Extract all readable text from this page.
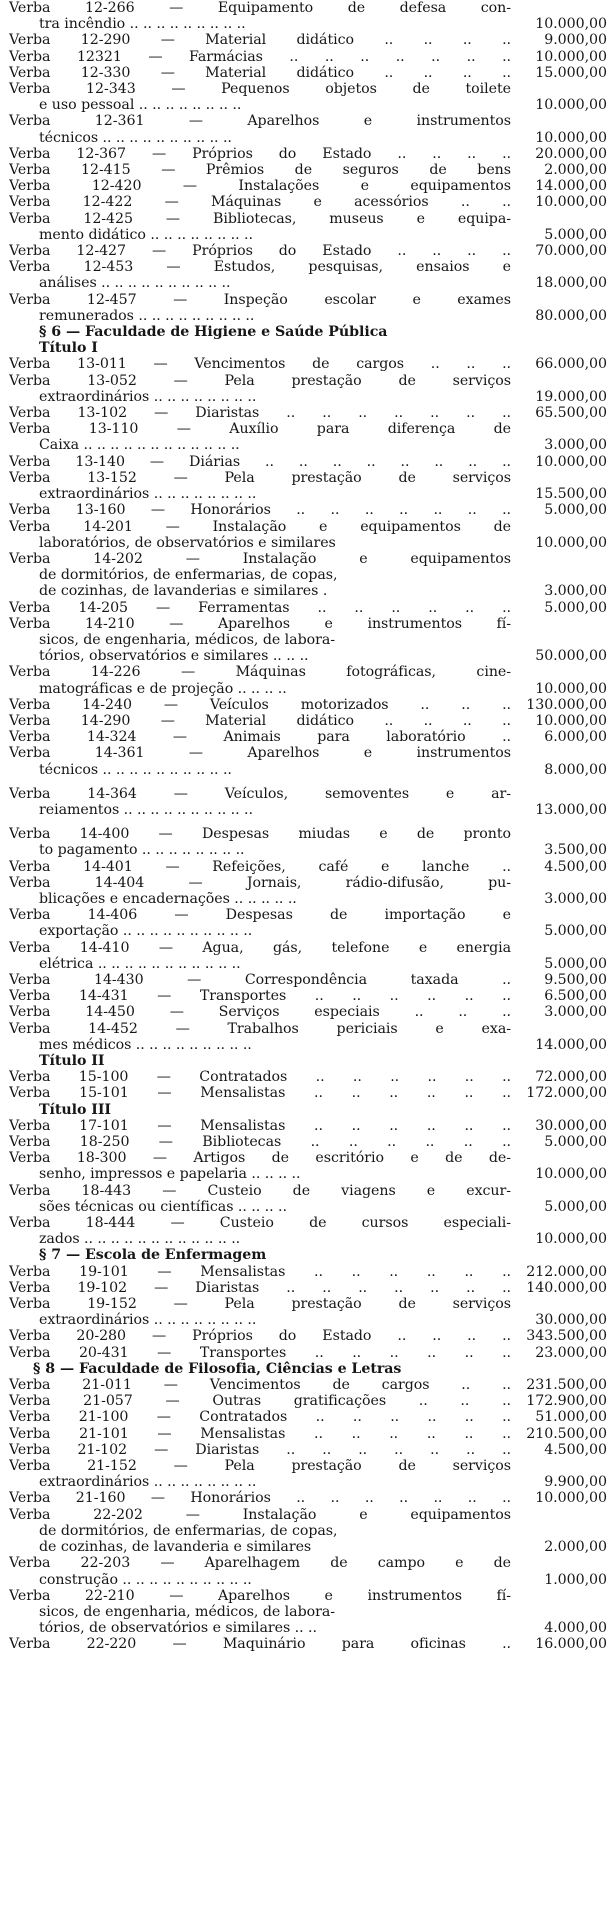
Verba 12-266 — Equipamento de defesa con-
tra incêndio .. .. .. .. .. .. .. .. ..	10.000,00
Verba 12-290 — Material didático .. .. .. ..	9.000,00
Verba 12321 — Farmácias .. .. .. .. .. .. ..	10.000,00
Verba 12-330 — Material didático .. .. .. ..	15.000,00
Verba 12-343 — Pequenos objetos de toilete
e uso pessoal .. .. .. .. .. .. .. ..	10.000,00
Verba 12-361 — Aparelhos e instrumentos
técnicos .. .. .. .. .. .. .. .. .. ..	10.000,00
Verba 12-367 — Próprios do Estado .. .. .. ..	20.000,00
Verba 12-415 — Prêmios de seguros de bens	2.000,00
Verba 12-420 — Instalações e equipamentos	14.000,00
Verba 12-422 — Máquinas e acessórios .. ..	10.000,00
Verba 12-425 — Bibliotecas, museus e equipa-
mento didático .. .. .. .. .. .. .. ..	5.000,00
Verba 12-427 — Próprios do Estado .. .. .. ..	70.000,00
Verba 12-453 — Estudos, pesquisas, ensaios e
análises .. .. .. .. .. .. .. .. .. ..	18.000,00
Verba 12-457 — Inspeção escolar e exames
remunerados .. .. .. .. .. .. .. .. ..	80.000,00
§ 6 — Faculdade de Higiene e Saúde Pública
Título I
Verba 13-011 — Vencimentos de cargos .. .. ..	66.000,00
Verba 13-052 — Pela prestação de serviços
extraordinários .. .. .. .. .. .. .. ..	19.000,00
Verba 13-102 — Diaristas .. .. .. .. .. .. ..	65.500,00
Verba 13-110 — Auxílio para diferença de
Caixa .. .. .. .. .. .. .. .. .. .. .. ..	3.000,00
Verba 13-140 — Diárias .. .. .. .. .. .. .. ..	10.000,00
Verba 13-152 — Pela prestação de serviços
extraordinários .. .. .. .. .. .. .. ..	15.500,00
Verba 13-160 — Honorários .. .. .. .. .. .. ..	5.000,00
Verba 14-201 — Instalação e equipamentos de
laboratórios, de observatórios e similares	10.000,00
Verba 14-202 — Instalação e equipamentos
de dormitórios, de enfermarias, de copas,
de cozinhas, de lavanderias e similares .	3.000,00
Verba 14-205 — Ferramentas .. .. .. .. .. ..	5.000,00
Verba 14-210 — Aparelhos e instrumentos fí-
sicos, de engenharia, médicos, de labora-
tórios, observatórios e similares .. .. ..	50.000,00
Verba 14-226 — Máquinas fotográficas, cine-
matográficas e de projeção .. .. .. ..	10.000,00
Verba 14-240 — Veículos motorizados .. .. ..	130.000,00
Verba 14-290 — Material didático .. .. .. ..	10.000,00
Verba 14-324 — Animais para laboratório ..	6.000,00
Verba 14-361 — Aparelhos e instrumentos
técnicos .. .. .. .. .. .. .. .. .. ..	8.000,00
Verba 14-364 — Veículos, semoventes e ar-
reiamentos .. .. .. .. .. .. .. .. .. ..	13.000,00
Verba 14-400 — Despesas miudas e de pronto
to pagamento .. .. .. .. .. .. .. ..	3.500,00
Verba 14-401 — Refeições, café e lanche ..	4.500,00
Verba 14-404 — Jornais, rádio-difusão, pu-
blicações e encadernações .. .. .. .. ..	3.000,00
Verba 14-406 — Despesas de importação e
exportação .. .. .. .. .. .. .. .. .. ..	5.000,00
Verba 14-410 — Agua, gás, telefone e energia
elétrica .. .. .. .. .. .. .. .. .. .. ..	5.000,00
Verba 14-430 — Correspondência taxada ..	9.500,00
Verba 14-431 — Transportes .. .. .. .. .. ..	6.500,00
Verba 14-450 — Serviços especiais .. .. ..	3.000,00
Verba 14-452 — Trabalhos periciais e exa-
mes médicos .. .. .. .. .. .. .. .. ..	14.000,00
Título II
Verba 15-100 — Contratados .. .. .. .. .. ..	72.000,00
Verba 15-101 — Mensalistas .. .. .. .. .. ..	172.000,00
Título III
Verba 17-101 — Mensalistas .. .. .. .. .. ..	30.000,00
Verba 18-250 — Bibliotecas .. .. .. .. .. ..	5.000,00
Verba 18-300 — Artigos de escritório e de de-
senho, impressos e papelaria .. .. .. ..	10.000,00
Verba 18-443 — Custeio de viagens e excur-
sões técnicas ou científicas .. .. .. ..	5.000,00
Verba 18-444 — Custeio de cursos especiali-
zados .. .. .. .. .. .. .. .. .. .. .. ..	10.000,00
§ 7 — Escola de Enfermagem
Verba 19-101 — Mensalistas .. .. .. .. .. ..	212.000,00
Verba 19-102 — Diaristas .. .. .. .. .. .. ..	140.000,00
Verba 19-152 — Pela prestação de serviços
extraordinários .. .. .. .. .. .. .. ..	30.000,00
Verba 20-280 — Próprios do Estado .. .. .. ..	343.500,00
Verba 20-431 — Transportes .. .. .. .. .. ..	23.000,00
§ 8 — Faculdade de Filosofia, Ciências e Letras
Verba 21-011 — Vencimentos de cargos .. ..	231.500,00
Verba 21-057 — Outras gratificações .. .. ..	172.900,00
Verba 21-100 — Contratados .. .. .. .. .. ..	51.000,00
Verba 21-101 — Mensalistas .. .. .. .. .. ..	210.500,00
Verba 21-102 — Diaristas .. .. .. .. .. .. ..	4.500,00
Verba 21-152 — Pela prestação de serviços
extraordinários .. .. .. .. .. .. .. ..	9.900,00
Verba 21-160 — Honorários .. .. .. .. .. .. ..	10.000,00
Verba 22-202 — Instalação e equipamentos
de dormitórios, de enfermarias, de copas,
de cozinhas, de lavanderia e similares	2.000,00
Verba 22-203 — Aparelhagem de campo e de
construção .. .. .. .. .. .. .. .. .. ..	1.000,00
Verba 22-210 — Aparelhos e instrumentos fí-
sicos, de engenharia, médicos, de labora-
tórios, de observatórios e similares .. ..	4.000,00
Verba 22-220 — Maquinário para oficinas ..	16.000,00
